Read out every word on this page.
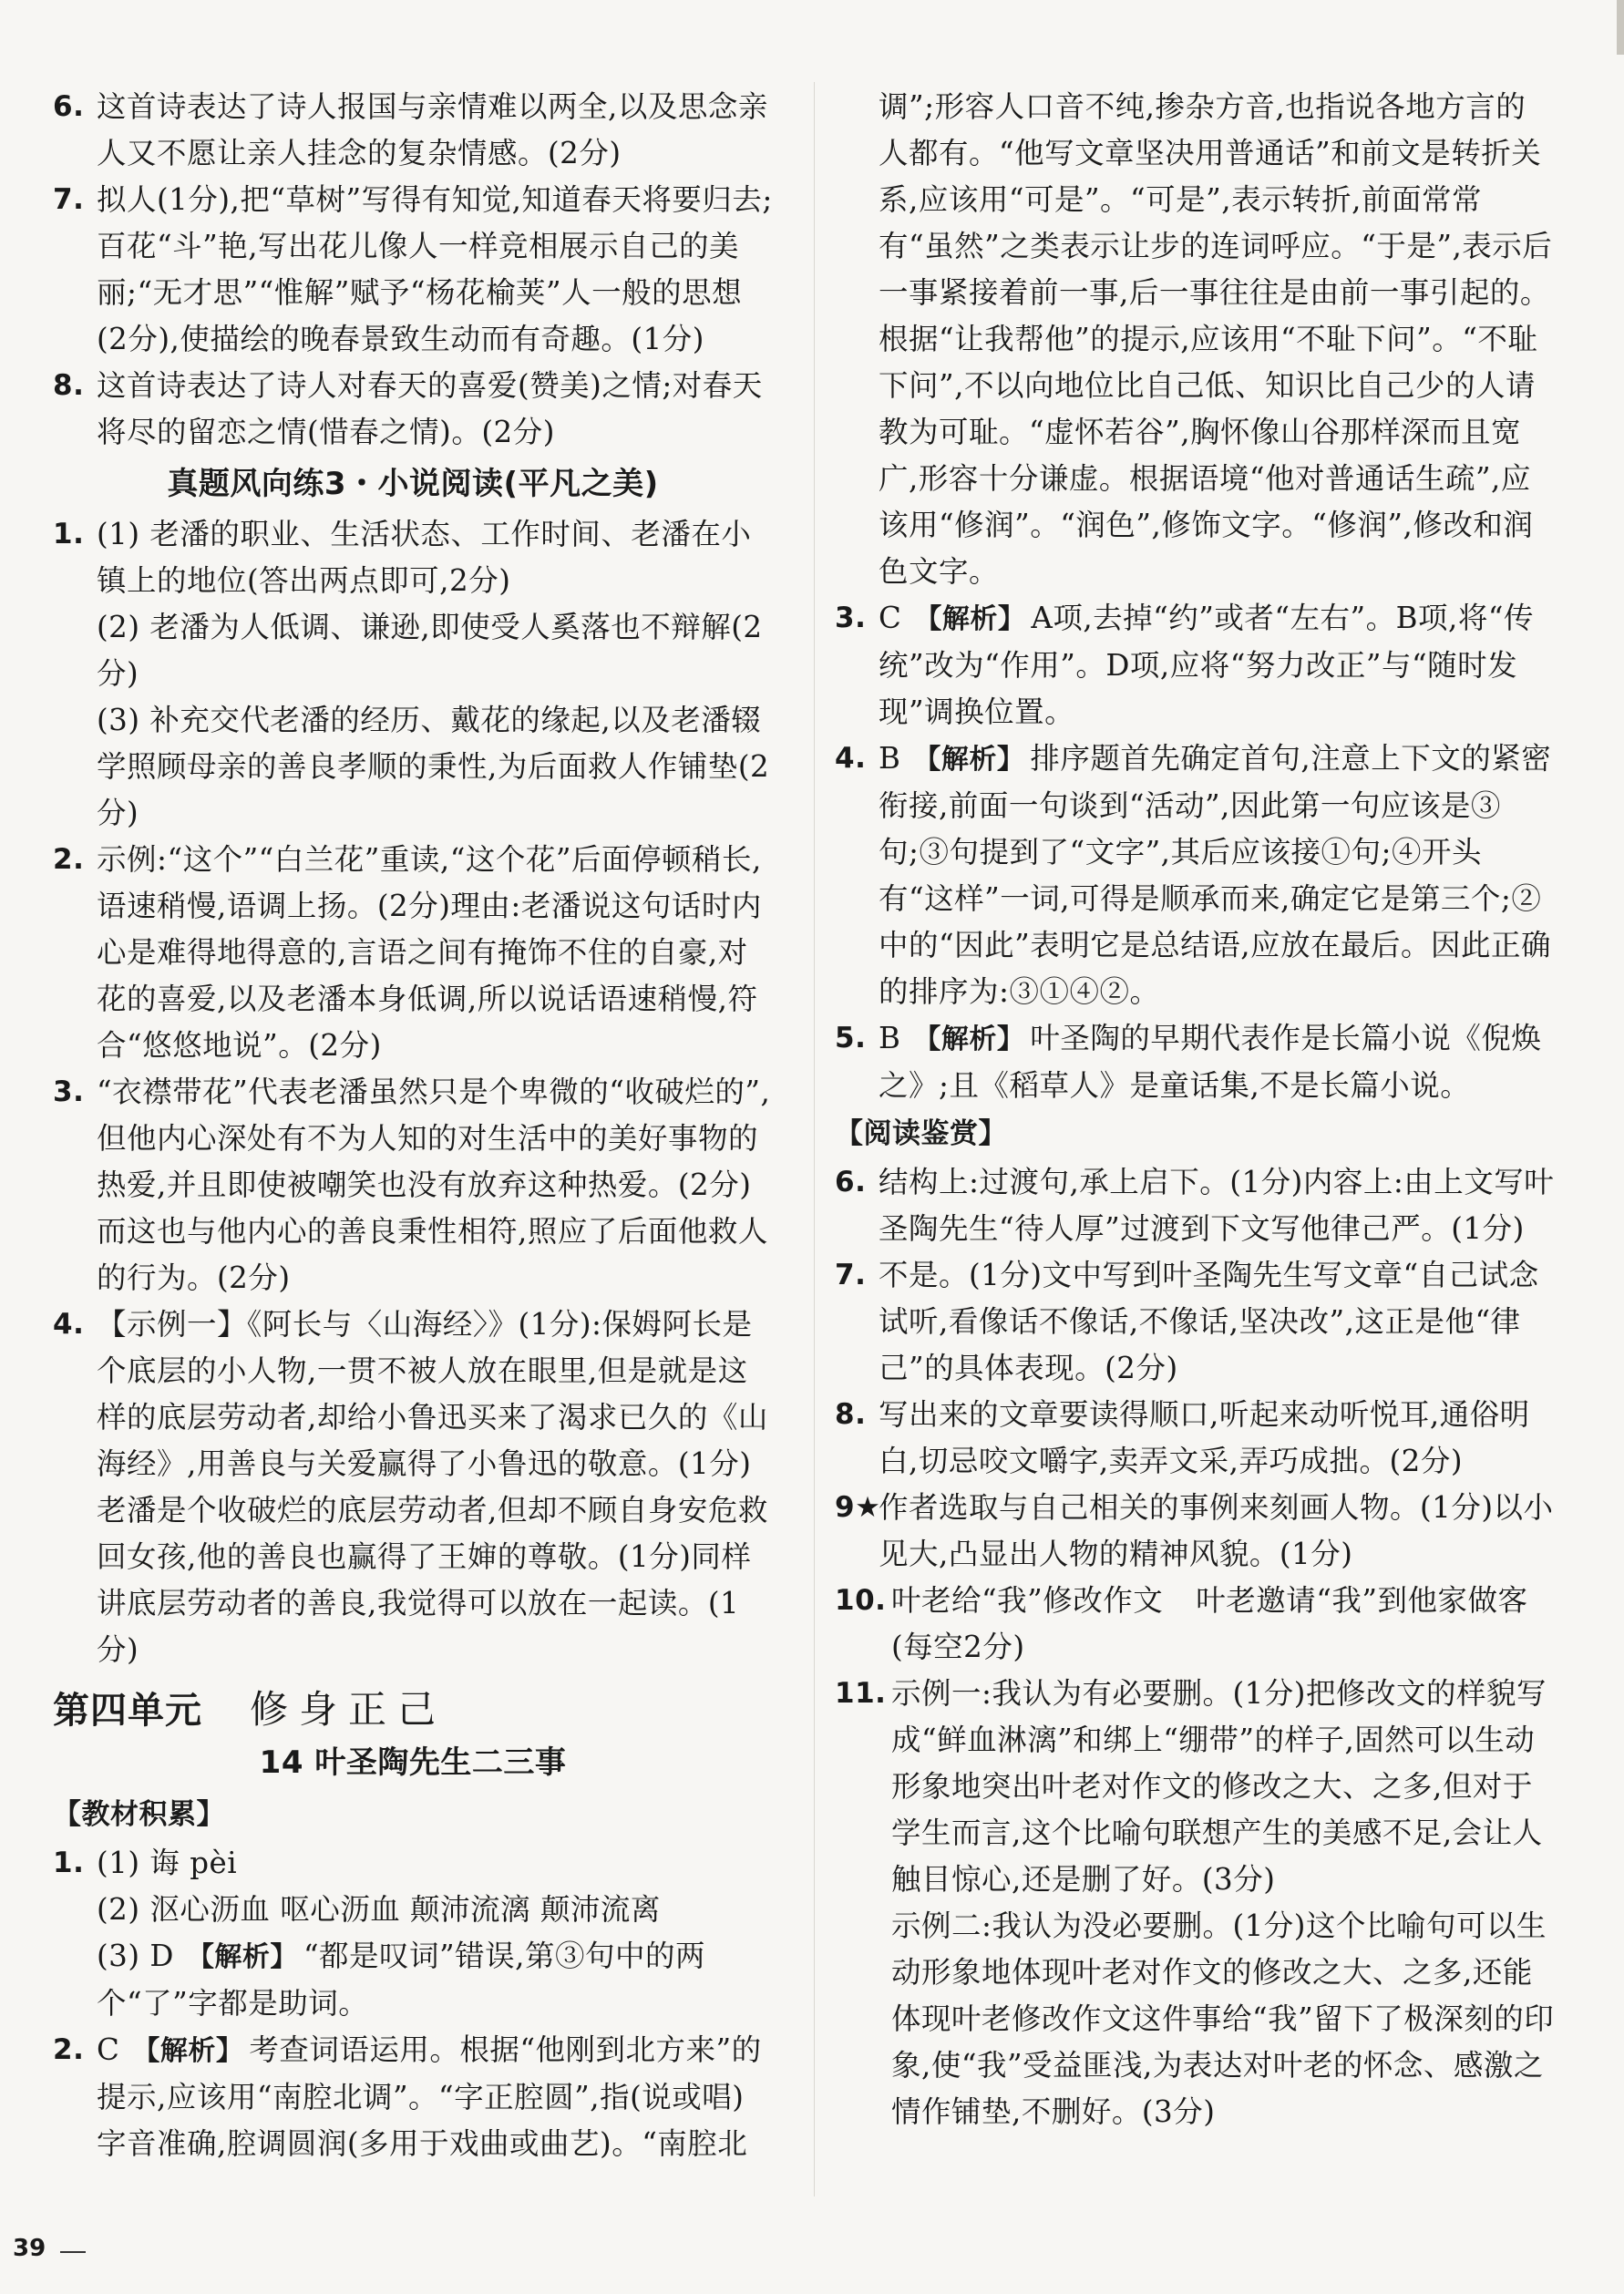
6. 这首诗表达了诗人报国与亲情难以两全,以及思念亲人又不愿让亲人挂念的复杂情感。(2分)

7. 拟人(1分),把“草树”写得有知觉,知道春天将要归去;百花“斗”艳,写出花儿像人一样竞相展示自己的美丽;“无才思”“惟解”赋予“杨花榆荚”人一般的思想(2分),使描绘的晚春景致生动而有奇趣。(1分)

8. 这首诗表达了诗人对春天的喜爱(赞美)之情;对春天将尽的留恋之情(惜春之情)。(2分)

真题风向练3・小说阅读(平凡之美)
1. (1) 老潘的职业、生活状态、工作时间、老潘在小镇上的地位(答出两点即可,2分)

(2) 老潘为人低调、谦逊,即使受人奚落也不辩解(2分)

(3) 补充交代老潘的经历、戴花的缘起,以及老潘辍学照顾母亲的善良孝顺的秉性,为后面救人作铺垫(2分)

2. 示例:“这个”“白兰花”重读,“这个花”后面停顿稍长,语速稍慢,语调上扬。(2分)理由:老潘说这句话时内心是难得地得意的,言语之间有掩饰不住的自豪,对花的喜爱,以及老潘本身低调,所以说话语速稍慢,符合“悠悠地说”。(2分)

3. “衣襟带花”代表老潘虽然只是个卑微的“收破烂的”,但他内心深处有不为人知的对生活中的美好事物的热爱,并且即使被嘲笑也没有放弃这种热爱。(2分)而这也与他内心的善良秉性相符,照应了后面他救人的行为。(2分)

4. 【示例一】《阿长与〈山海经〉》(1分):保姆阿长是个底层的小人物,一贯不被人放在眼里,但是就是这样的底层劳动者,却给小鲁迅买来了渴求已久的《山海经》,用善良与关爱赢得了小鲁迅的敬意。(1分)老潘是个收破烂的底层劳动者,但却不顾自身安危救回女孩,他的善良也赢得了王婶的尊敬。(1分)同样讲底层劳动者的善良,我觉得可以放在一起读。(1分)

第四单元 修身正己
14 叶圣陶先生二三事
【教材积累】
1. (1) 诲 pèi

(2) 沤心沥血 呕心沥血 颠沛流漓 颠沛流离

(3) D 【解析】 “都是叹词”错误,第③句中的两个“了”字都是助词。

2. C 【解析】 考查词语运用。根据“他刚到北方来”的提示,应该用“南腔北调”。“字正腔圆”,指(说或唱)字音准确,腔调圆润(多用于戏曲或曲艺)。“南腔北

调”;形容人口音不纯,掺杂方音,也指说各地方言的人都有。“他写文章坚决用普通话”和前文是转折关系,应该用“可是”。“可是”,表示转折,前面常常有“虽然”之类表示让步的连词呼应。“于是”,表示后一事紧接着前一事,后一事往往是由前一事引起的。根据“让我帮他”的提示,应该用“不耻下问”。“不耻下问”,不以向地位比自己低、知识比自己少的人请教为可耻。“虚怀若谷”,胸怀像山谷那样深而且宽广,形容十分谦虚。根据语境“他对普通话生疏”,应该用“修润”。“润色”,修饰文字。“修润”,修改和润色文字。

3. C 【解析】 A项,去掉“约”或者“左右”。B项,将“传统”改为“作用”。D项,应将“努力改正”与“随时发现”调换位置。

4. B 【解析】 排序题首先确定首句,注意上下文的紧密衔接,前面一句谈到“活动”,因此第一句应该是③句;③句提到了“文字”,其后应该接①句;④开头有“这样”一词,可得是顺承而来,确定它是第三个;②中的“因此”表明它是总结语,应放在最后。因此正确的排序为:③①④②。

5. B 【解析】 叶圣陶的早期代表作是长篇小说《倪焕之》;且《稻草人》是童话集,不是长篇小说。

【阅读鉴赏】

6. 结构上:过渡句,承上启下。(1分)内容上:由上文写叶圣陶先生“待人厚”过渡到下文写他律己严。(1分)

7. 不是。(1分)文中写到叶圣陶先生写文章“自己试念试听,看像话不像话,不像话,坚决改”,这正是他“律己”的具体表现。(2分)

8. 写出来的文章要读得顺口,听起来动听悦耳,通俗明白,切忌咬文嚼字,卖弄文采,弄巧成拙。(2分)

9★
作者选取与自己相关的事例来刻画人物。(1分)以小见大,凸显出人物的精神风貌。(1分)

10. 叶老给“我”修改作文 叶老邀请“我”到他家做客
(每空2分)

11. 示例一:我认为有必要删。(1分)把修改文的样貌写成“鲜血淋漓”和绑上“绷带”的样子,固然可以生动形象地突出叶老对作文的修改之大、之多,但对于学生而言,这个比喻句联想产生的美感不足,会让人触目惊心,还是删了好。(3分)

示例二:我认为没必要删。(1分)这个比喻句可以生动形象地体现叶老对作文的修改之大、之多,还能体现叶老修改作文这件事给“我”留下了极深刻的印象,使“我”受益匪浅,为表达对叶老的怀念、感激之情作铺垫,不删好。(3分)

39
